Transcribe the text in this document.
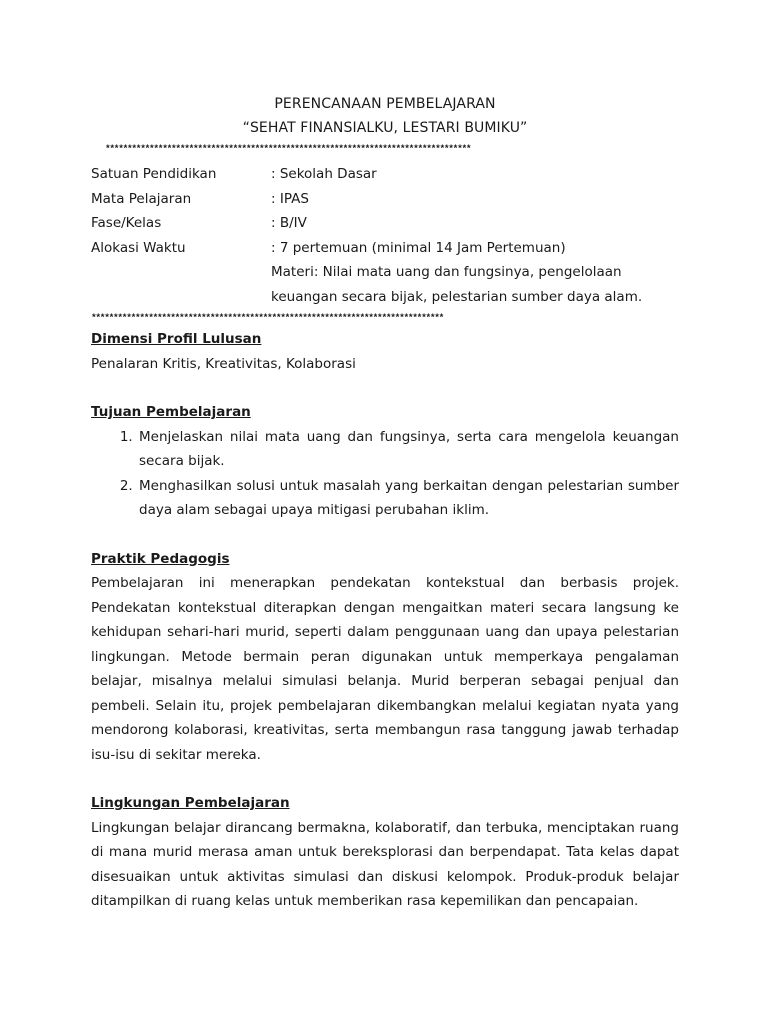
PERENCANAAN PEMBELAJARAN
“SEHAT FINANSIALKU, LESTARI BUMIKU”
***********************************************************************************
Satuan Pendidikan	: Sekolah Dasar
Mata Pelajaran	: IPAS
Fase/Kelas	: B/IV
Alokasi Waktu	: 7 pertemuan (minimal 14 Jam Pertemuan)
Materi: Nilai mata uang dan fungsinya, pengelolaan keuangan secara bijak, pelestarian sumber daya alam.
********************************************************************************
Dimensi Profil Lulusan
Penalaran Kritis, Kreativitas, Kolaborasi
Tujuan Pembelajaran
1. Menjelaskan nilai mata uang dan fungsinya, serta cara mengelola keuangan secara bijak.
2. Menghasilkan solusi untuk masalah yang berkaitan dengan pelestarian sumber daya alam sebagai upaya mitigasi perubahan iklim.
Praktik Pedagogis
Pembelajaran ini menerapkan pendekatan kontekstual dan berbasis projek. Pendekatan kontekstual diterapkan dengan mengaitkan materi secara langsung ke kehidupan sehari-hari murid, seperti dalam penggunaan uang dan upaya pelestarian lingkungan. Metode bermain peran digunakan untuk memperkaya pengalaman belajar, misalnya melalui simulasi belanja. Murid berperan sebagai penjual dan pembeli. Selain itu, projek pembelajaran dikembangkan melalui kegiatan nyata yang mendorong kolaborasi, kreativitas, serta membangun rasa tanggung jawab terhadap isu-isu di sekitar mereka.
Lingkungan Pembelajaran
Lingkungan belajar dirancang bermakna, kolaboratif, dan terbuka, menciptakan ruang di mana murid merasa aman untuk bereksplorasi dan berpendapat. Tata kelas dapat disesuaikan untuk aktivitas simulasi dan diskusi kelompok. Produk-produk belajar ditampilkan di ruang kelas untuk memberikan rasa kepemilikan dan pencapaian.
